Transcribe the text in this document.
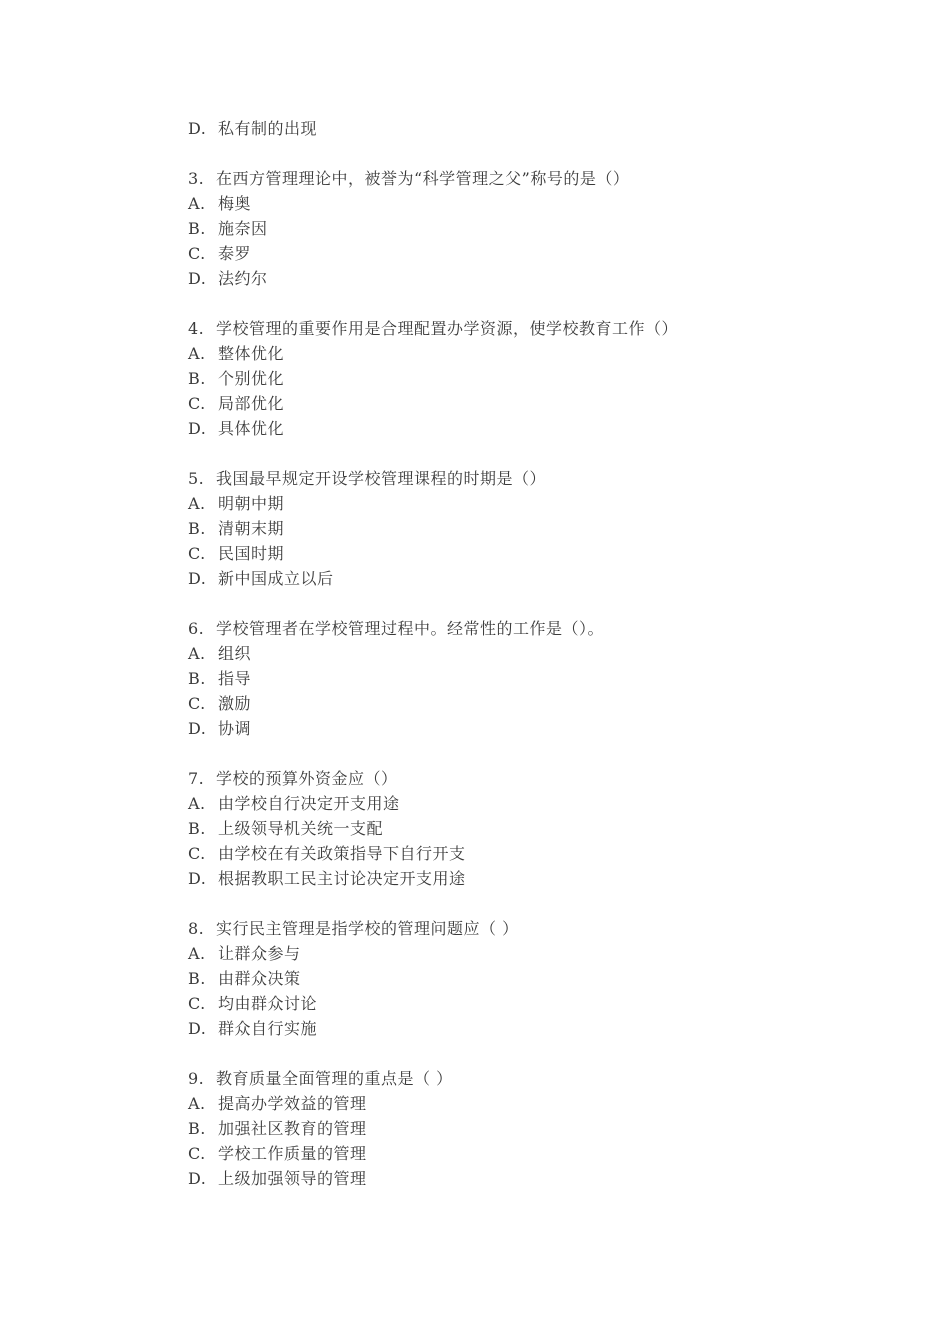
D. 私有制的出现
3. 在西方管理理论中，被誉为“科学管理之父”称号的是（）
A. 梅奥
B. 施奈因
C. 泰罗
D. 法约尔
4. 学校管理的重要作用是合理配置办学资源，使学校教育工作（）
A. 整体优化
B. 个别优化
C. 局部优化
D. 具体优化
5. 我国最早规定开设学校管理课程的时期是（）
A. 明朝中期
B. 清朝末期
C. 民国时期
D. 新中国成立以后
6. 学校管理者在学校管理过程中。经常性的工作是（）。
A. 组织
B. 指导
C. 激励
D. 协调
7. 学校的预算外资金应（）
A. 由学校自行决定开支用途
B. 上级领导机关统一支配
C. 由学校在有关政策指导下自行开支
D. 根据教职工民主讨论决定开支用途
8. 实行民主管理是指学校的管理问题应（ ）
A. 让群众参与
B. 由群众决策
C. 均由群众讨论
D. 群众自行实施
9. 教育质量全面管理的重点是（ ）
A. 提高办学效益的管理
B. 加强社区教育的管理
C. 学校工作质量的管理
D. 上级加强领导的管理
